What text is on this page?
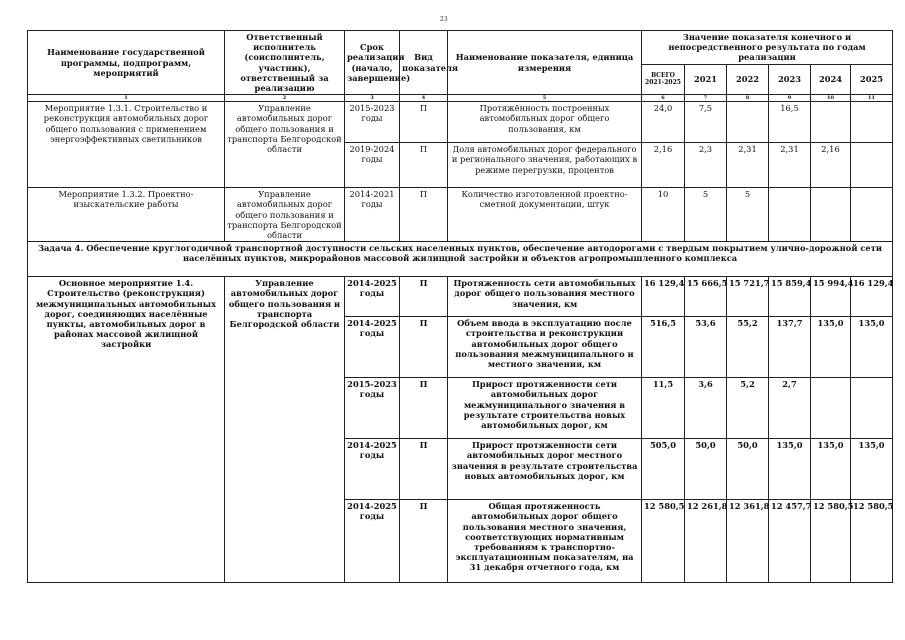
23
Наименование государственной программы, подпрограмм, мероприятий	Ответственный исполнитель (соисполнитель, участник), ответственный за реализацию	Срок реализации (начало, завершение)	Вид показателя	Наименование показателя, единица измерения	Значение показателя конечного и непосредственного результата по годам реализации					
					ВСЕГО 2021-2025	2021	2022	2023	2024	2025
1	2	3	4	5	6	7	8	9	10	11
Мероприятие 1.3.1. Строительство и реконструкция автомобильных дорог общего пользования с применением энергоэффективных светильников	Управление автомобильных дорог общего пользования и транспорта Белгородской области	2015-2023 годы	П	Протяжённость построенных автомобильных дорог общего пользования, км	24,0	7,5		16,5		
		2019-2024 годы	П	Доля автомобильных дорог федерального и регионального значения, работающих в режиме перегрузки, процентов	2,16	2,3	2,31	2,31	2,16	
Мероприятие 1.3.2. Проектно-изыскательские работы	Управление автомобильных дорог общего пользования и транспорта Белгородской области	2014-2021 годы	П	Количество изготовленной проектно-сметной документации, штук	10	5	5			
Задача 4. Обеспечение круглогодичной транспортной доступности сельских населенных пунктов, обеспечение автодорогами с твердым покрытием улично-дорожной сети населённых пунктов, микрорайонов массовой жилищной застройки и объектов агропромышленного комплекса										
Основное мероприятие 1.4. Строительство (реконструкция) межмуниципальных автомобильных дорог, соединяющих населённые пункты, автомобильных дорог в районах массовой жилищной застройки	Управление автомобильных дорог общего пользования и транспорта Белгородской области	2014-2025 годы	П	Протяженность сети автомобильных дорог общего пользования местного значения, км	16 129,4	15 666,5	15 721,7	15 859,4	15 994,4	16 129,4
		2014-2025 годы	П	Объем ввода в эксплуатацию после строительства и реконструкции автомобильных дорог общего пользования межмуниципального и местного значения, км	516,5	53,6	55,2	137,7	135,0	135,0
		2015-2023 годы	П	Прирост протяженности сети автомобильных дорог межмуниципального значения в результате строительства новых автомобильных дорог, км	11,5	3,6	5,2	2,7		
		2014-2025 годы	П	Прирост протяженности сети автомобильных дорог местного значения в результате строительства новых автомобильных дорог, км	505,0	50,0	50,0	135,0	135,0	135,0
		2014-2025 годы	П	Общая протяженность автомобильных дорог общего пользования местного значения, соответствующих нормативным требованиям к транспортно-эксплуатационным показателям, на 31 декабря отчетного года, км	12 580,5	12 261,8	12 361,8	12 457,7	12 580,5	12 580,5
